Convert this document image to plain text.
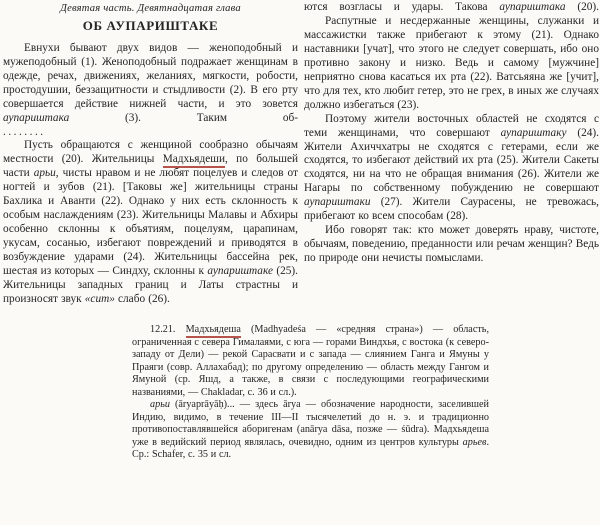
Девятая часть. Девятнадцатая глава

ОБ АУПАРИШТАКЕ

Евнухи бывают двух видов — женоподобный и мужеподобный (1). Женоподобный подражает женщинам в одежде, речах, движениях, желаниях, мягкости, робости, простодушии, беззащитности и стыдливости (2). В его рту совершается действие нижней части, и это зовется аупариштака (3). Таким об-

........

Пусть обращаются с женщиной сообразно обычаям местности (20). Жительницы Мадхьядеши, по большей части арьи, чисты нравом и не любят поцелуев и следов от ногтей и зубов (21). [Таковы же] жительницы страны Бахлика и Аванти (22). Однако у них есть склонность к особым наслаждениям (23). Жительницы Малавы и Абхиры особенно склонны к объятиям, поцелуям, царапинам, укусам, сосанью, избегают повреждений и приводятся в возбуждение ударами (24). Жительницы бассейна рек, шестая из которых — Синдху, склонны к аупариштаке (25). Жительницы западных границ и Латы страстны и произносят звук «сит» слабо (26).

ются возгласы и удары. Такова аупариштака (20).

Распутные и несдержанные женщины, служанки и массажистки также прибегают к этому (21). Однако наставники [учат], что этого не следует совершать, ибо оно противно закону и низко. Ведь и самому [мужчине] неприятно снова касаться их рта (22). Ватсьяяна же [учит], что для тех, кто любит гетер, это не грех, в иных же случаях должно избегаться (23).

Поэтому жители восточных областей не сходятся с теми женщинами, что совершают аупариштаку (24). Жители Ахиччхатры не сходятся с гетерами, если же сходятся, то избегают действий их рта (25). Жители Сакеты сходятся, ни на что не обращая внимания (26). Жители же Нагары по собственному побуждению не совершают аупариштаки (27). Жители Саурасены, не тревожась, прибегают ко всем способам (28).

Ибо говорят так: кто может доверять нраву, чистоте, обычаям, поведению, преданности или речам женщин? Ведь по природе они нечисты помыслами.

12.21. Мадхьядеша (Madhyadeśa — «средняя страна») — область, ограниченная с севера Гималаями, с юга — горами Виндхья, с востока (к северо-западу от Дели) — рекой Сарасвати и с запада — слиянием Ганга и Ямуны у Праяги (совр. Аллахабад); по другому определению — область между Гангом и Ямуной (ср. Яшд, а также, в связи с последующими географическими названиями, — Chakladar, с. 36 и сл.).

арьи (āryaprāyāḥ)... — здесь ārya — обозначение народности, заселившей Индию, видимо, в течение III—II тысячелетий до н. э. и традиционно противопоставлявшейся аборигенам (anārya dāsa, позже — śūdra). Мадхьядеша уже в ведийский период являлась, очевидно, одним из центров культуры арьев. Ср.: Schafer, с. 35 и сл.
